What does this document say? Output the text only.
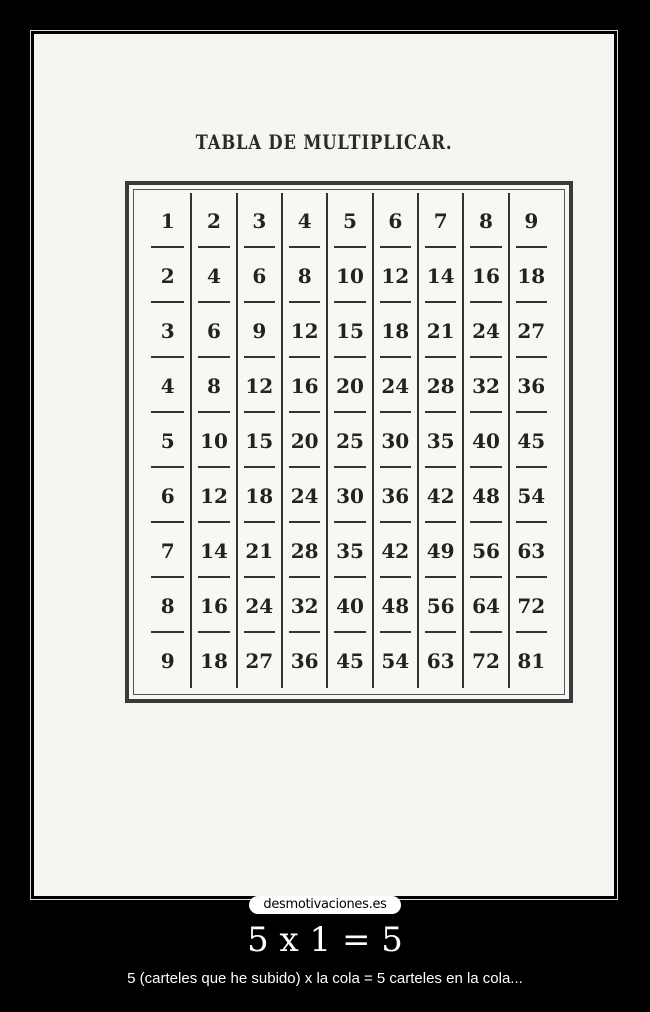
TABLA DE MULTIPLICAR.
1	2	3	4	5	6	7	8	9
2	4	6	8	10 12 14 16 18
3	6	9	12 15 18 21 24 27
4	8	12 16 20 24 28 32 36
5	10 15 20 25 30 35 40 45
6	12 18 24 30 36 42 48 54
7	14 21 28 35 42 49 56 63
8	16 24 32 40 48 56 64 72
9	18 27 36 45 54 63 72 81
desmotivaciones.es
5 x 1 = 5
5 (carteles que he subido) x la cola = 5 carteles en la cola...
